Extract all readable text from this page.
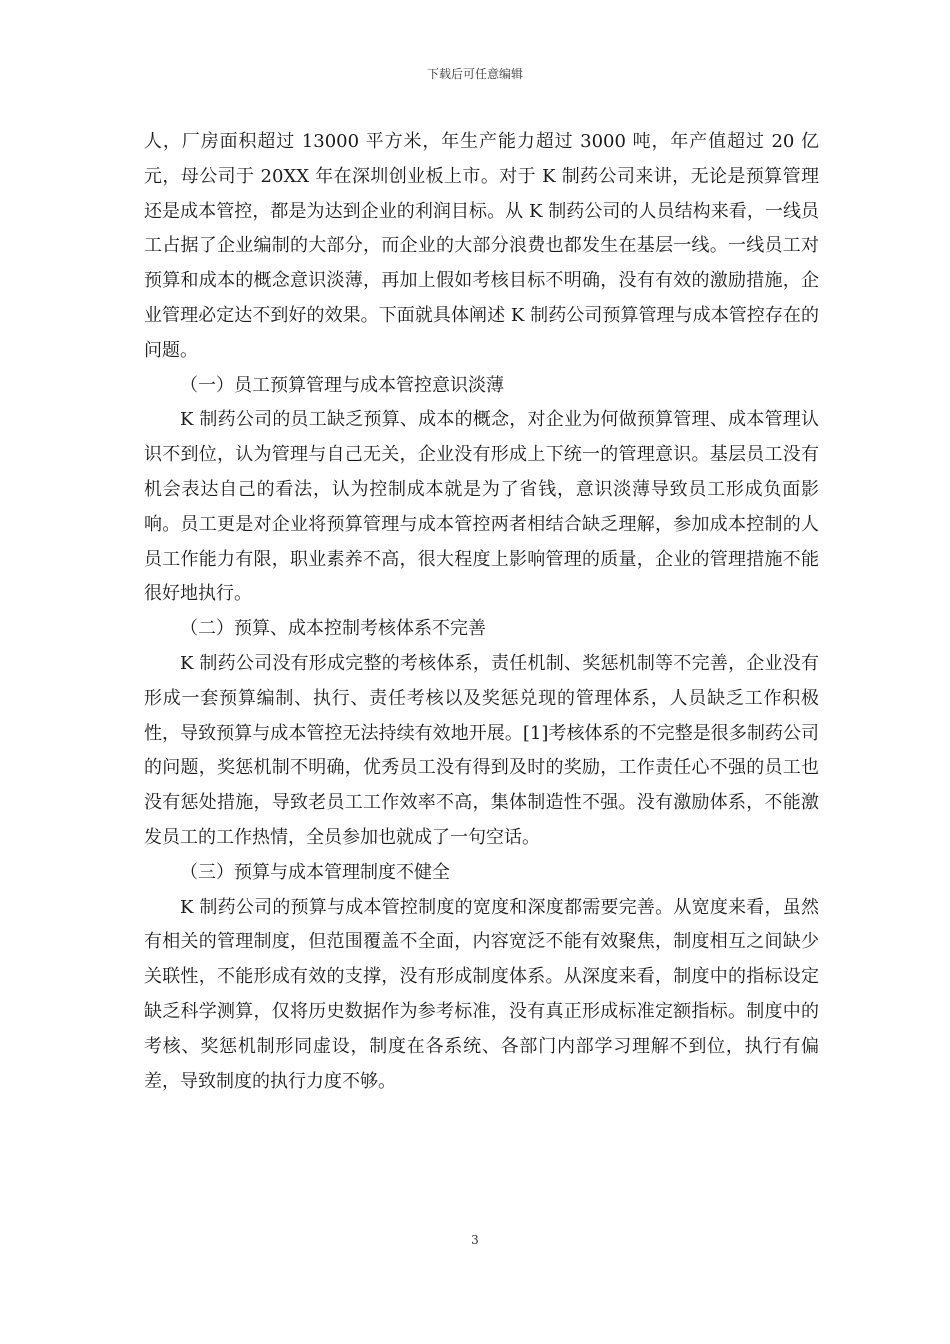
下载后可任意编辑

人，厂房面积超过 13000 平方米，年生产能力超过 3000 吨，年产值超过 20 亿元，母公司于 20XX 年在深圳创业板上市。对于 K 制药公司来讲，无论是预算管理还是成本管控，都是为达到企业的利润目标。从 K 制药公司的人员结构来看，一线员工占据了企业编制的大部分，而企业的大部分浪费也都发生在基层一线。一线员工对预算和成本的概念意识淡薄，再加上假如考核目标不明确，没有有效的激励措施，企业管理必定达不到好的效果。下面就具体阐述 K 制药公司预算管理与成本管控存在的问题。

（一）员工预算管理与成本管控意识淡薄

K 制药公司的员工缺乏预算、成本的概念，对企业为何做预算管理、成本管理认识不到位，认为管理与自己无关，企业没有形成上下统一的管理意识。基层员工没有机会表达自己的看法，认为控制成本就是为了省钱，意识淡薄导致员工形成负面影响。员工更是对企业将预算管理与成本管控两者相结合缺乏理解，参加成本控制的人员工作能力有限，职业素养不高，很大程度上影响管理的质量，企业的管理措施不能很好地执行。

（二）预算、成本控制考核体系不完善

K 制药公司没有形成完整的考核体系，责任机制、奖惩机制等不完善，企业没有形成一套预算编制、执行、责任考核以及奖惩兑现的管理体系，人员缺乏工作积极性，导致预算与成本管控无法持续有效地开展。[1]考核体系的不完整是很多制药公司的问题，奖惩机制不明确，优秀员工没有得到及时的奖励，工作责任心不强的员工也没有惩处措施，导致老员工工作效率不高，集体制造性不强。没有激励体系，不能激发员工的工作热情，全员参加也就成了一句空话。

（三）预算与成本管理制度不健全

K 制药公司的预算与成本管控制度的宽度和深度都需要完善。从宽度来看，虽然有相关的管理制度，但范围覆盖不全面，内容宽泛不能有效聚焦，制度相互之间缺少关联性，不能形成有效的支撑，没有形成制度体系。从深度来看，制度中的指标设定缺乏科学测算，仅将历史数据作为参考标准，没有真正形成标准定额指标。制度中的考核、奖惩机制形同虚设，制度在各系统、各部门内部学习理解不到位，执行有偏差，导致制度的执行力度不够。

3
